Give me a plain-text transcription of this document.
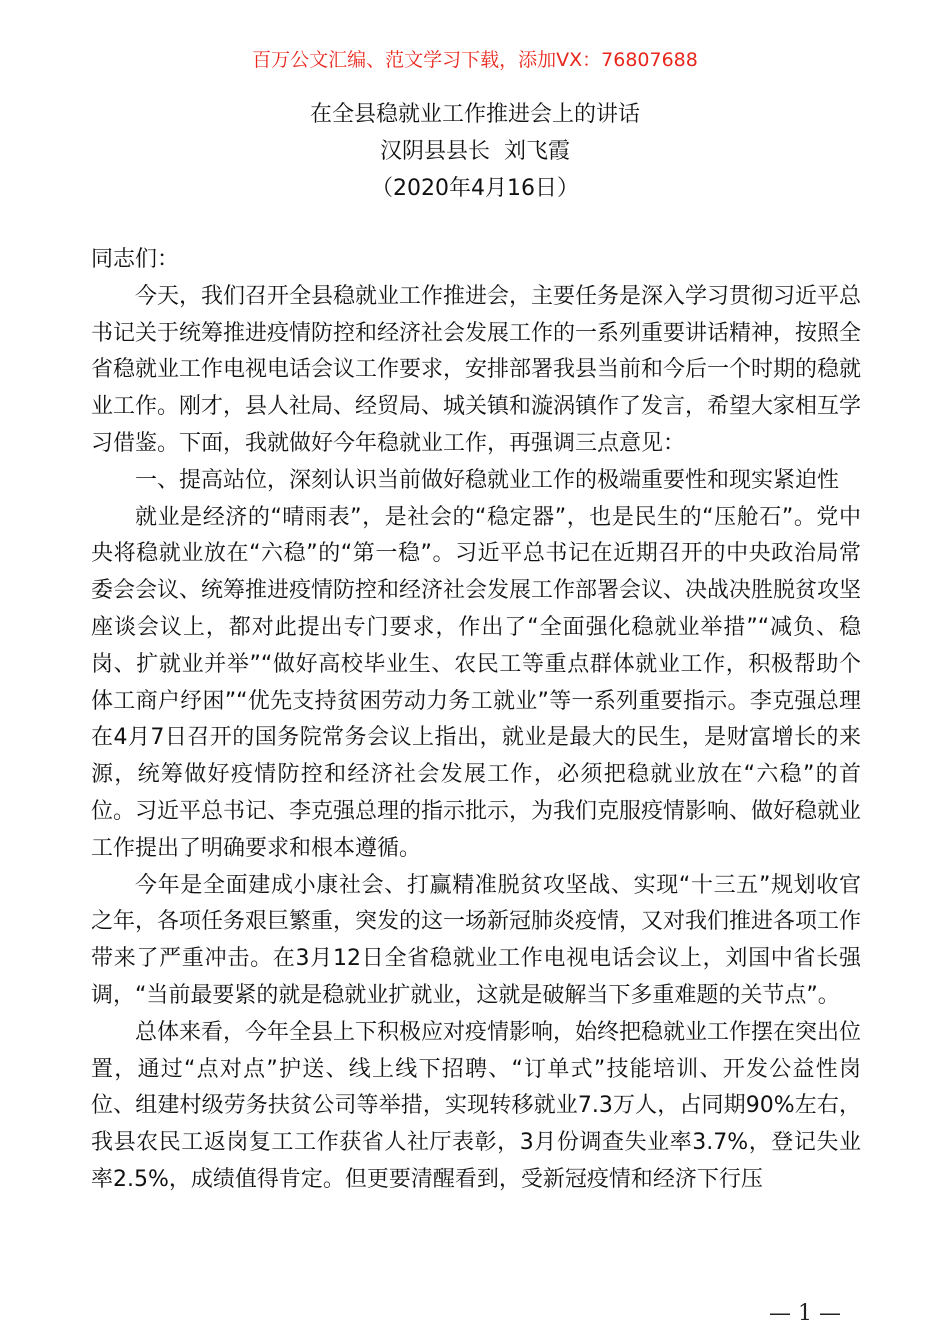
百万公文汇编、范文学习下载，添加VX：76807688
在全县稳就业工作推进会上的讲话
汉阴县县长  刘飞霞
（2020年4月16日）

同志们：

今天，我们召开全县稳就业工作推进会，主要任务是深入学习贯彻习近平总书记关于统筹推进疫情防控和经济社会发展工作的一系列重要讲话精神，按照全省稳就业工作电视电话会议工作要求，安排部署我县当前和今后一个时期的稳就业工作。刚才，县人社局、经贸局、城关镇和漩涡镇作了发言，希望大家相互学习借鉴。下面，我就做好今年稳就业工作，再强调三点意见：

一、提高站位，深刻认识当前做好稳就业工作的极端重要性和现实紧迫性

就业是经济的“晴雨表”，是社会的“稳定器”，也是民生的“压舱石”。党中央将稳就业放在“六稳”的“第一稳”。习近平总书记在近期召开的中央政治局常委会会议、统筹推进疫情防控和经济社会发展工作部署会议、决战决胜脱贫攻坚座谈会议上，都对此提出专门要求，作出了“全面强化稳就业举措”“减负、稳岗、扩就业并举”“做好高校毕业生、农民工等重点群体就业工作，积极帮助个体工商户纾困”“优先支持贫困劳动力务工就业”等一系列重要指示。李克强总理在4月7日召开的国务院常务会议上指出，就业是最大的民生，是财富增长的来源，统筹做好疫情防控和经济社会发展工作，必须把稳就业放在“六稳”的首位。习近平总书记、李克强总理的指示批示，为我们克服疫情影响、做好稳就业工作提出了明确要求和根本遵循。

今年是全面建成小康社会、打赢精准脱贫攻坚战、实现“十三五”规划收官之年，各项任务艰巨繁重，突发的这一场新冠肺炎疫情，又对我们推进各项工作带来了严重冲击。在3月12日全省稳就业工作电视电话会议上，刘国中省长强调，“当前最要紧的就是稳就业扩就业，这就是破解当下多重难题的关节点”。

总体来看，今年全县上下积极应对疫情影响，始终把稳就业工作摆在突出位置，通过“点对点”护送、线上线下招聘、“订单式”技能培训、开发公益性岗位、组建村级劳务扶贫公司等举措，实现转移就业7.3万人，占同期90%左右，我县农民工返岗复工工作获省人社厅表彰，3月份调查失业率3.7%，登记失业率2.5%，成绩值得肯定。但更要清醒看到，受新冠疫情和经济下行压

— 1 —
